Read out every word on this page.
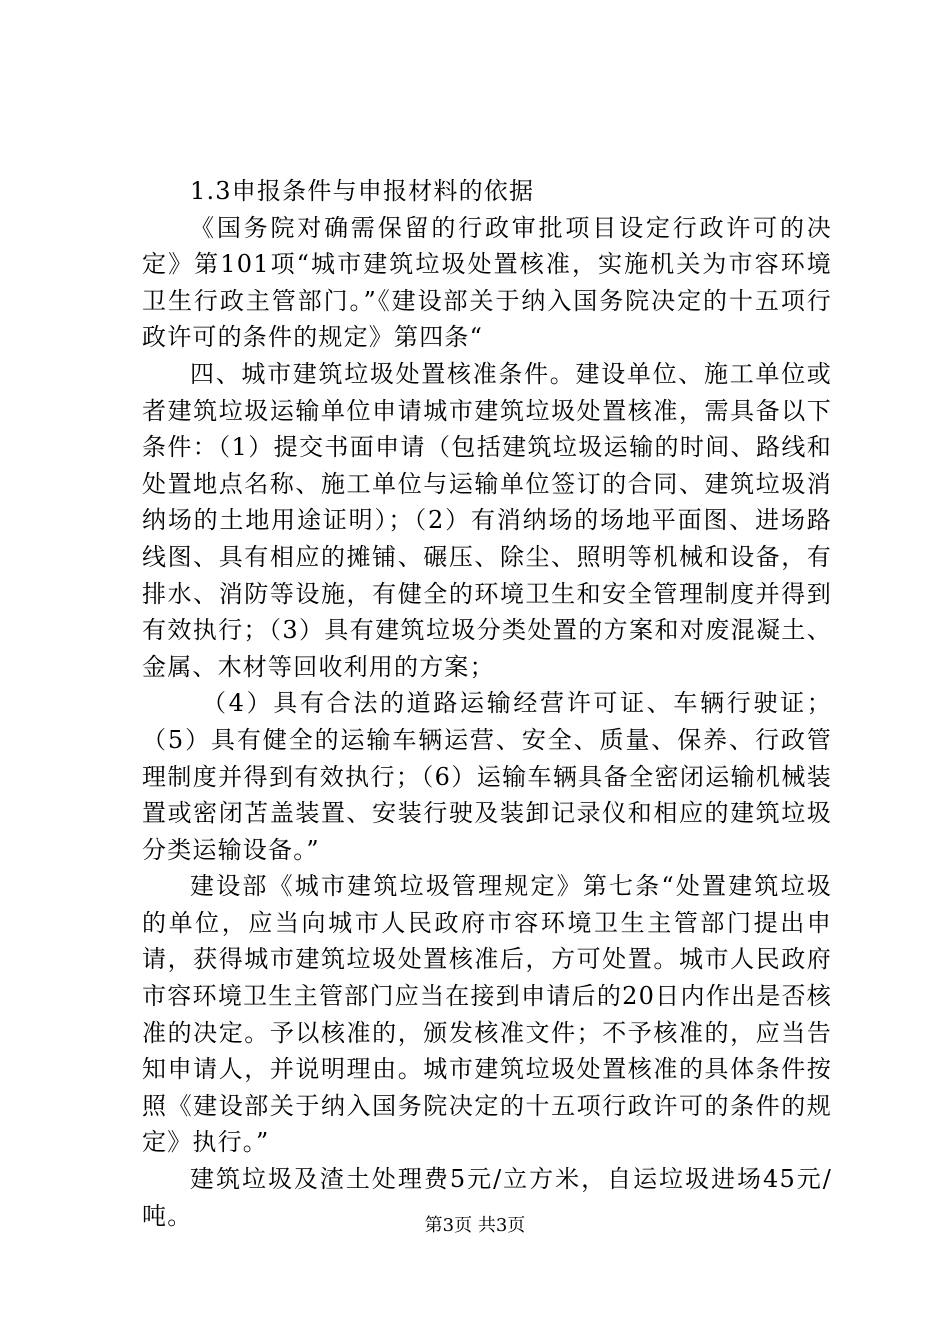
1.3申报条件与申报材料的依据

《国务院对确需保留的行政审批项目设定行政许可的决定》第101项“城市建筑垃圾处置核准，实施机关为市容环境卫生行政主管部门。”《建设部关于纳入国务院决定的十五项行政许可的条件的规定》第四条“

四、城市建筑垃圾处置核准条件。建设单位、施工单位或者建筑垃圾运输单位申请城市建筑垃圾处置核准，需具备以下条件：（1）提交书面申请（包括建筑垃圾运输的时间、路线和处置地点名称、施工单位与运输单位签订的合同、建筑垃圾消纳场的土地用途证明）；（2）有消纳场的场地平面图、进场路线图、具有相应的摊铺、碾压、除尘、照明等机械和设备，有排水、消防等设施，有健全的环境卫生和安全管理制度并得到有效执行；（3）具有建筑垃圾分类处置的方案和对废混凝土、金属、木材等回收利用的方案；

（4）具有合法的道路运输经营许可证、车辆行驶证；（5）具有健全的运输车辆运营、安全、质量、保养、行政管理制度并得到有效执行；（6）运输车辆具备全密闭运输机械装置或密闭苫盖装置、安装行驶及装卸记录仪和相应的建筑垃圾分类运输设备。”

建设部《城市建筑垃圾管理规定》第七条“处置建筑垃圾的单位，应当向城市人民政府市容环境卫生主管部门提出申请，获得城市建筑垃圾处置核准后，方可处置。城市人民政府市容环境卫生主管部门应当在接到申请后的20日内作出是否核准的决定。予以核准的，颁发核准文件；不予核准的，应当告知申请人，并说明理由。城市建筑垃圾处置核准的具体条件按照《建设部关于纳入国务院决定的十五项行政许可的条件的规定》执行。”

建筑垃圾及渣土处理费5元/立方米，自运垃圾进场45元/吨。	第3页 共3页
